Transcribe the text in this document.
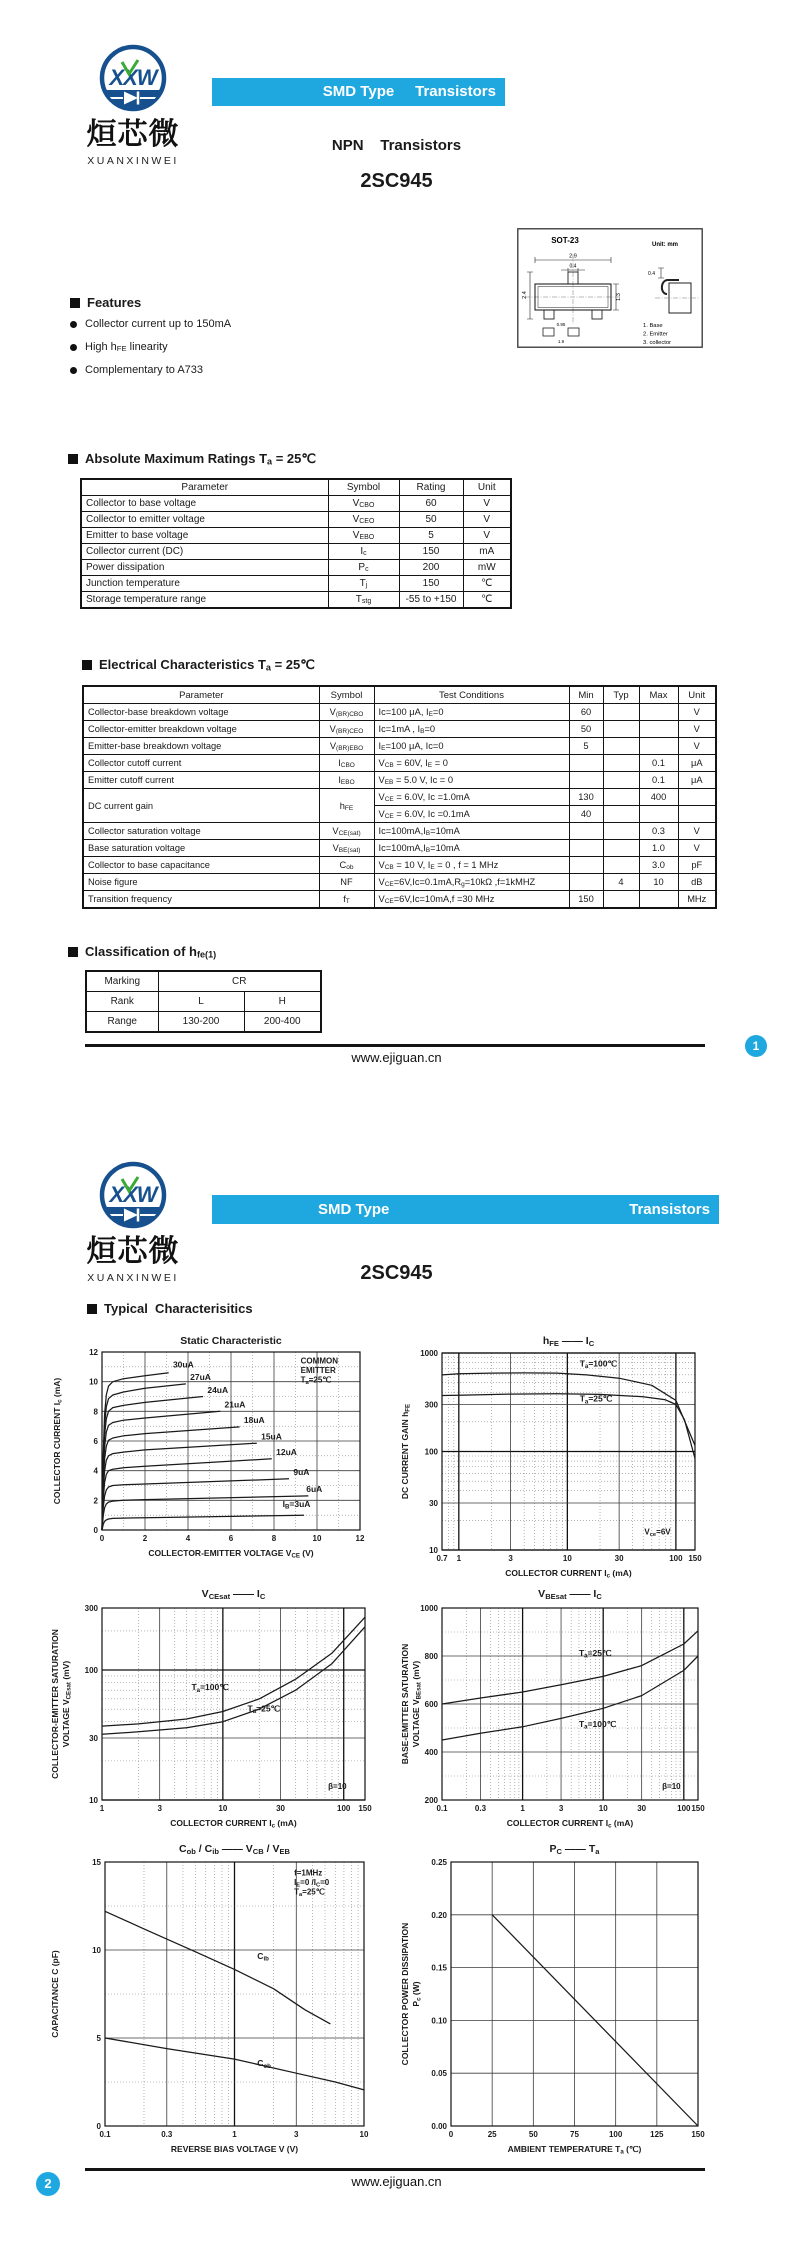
SMD Type	Transistors
NPN    Transistors
2SC945
SOT-23	Unit: mm
2.9
0.4
1.3
2.4
0.4
0.95
1.9
1. Base
2. Emitter
3. collector
Features
Collector current up to 150mA
High $h_{FE}$ linearity
Complementary to A733
Absolute Maximum Ratings $T_a$ = 25℃
Parameter	Symbol	Rating	Unit
Collector to base voltage	$V_{CBO}$	60	V
Collector to emitter voltage	$V_{CEO}$	50	V
Emitter to base voltage	$V_{EBO}$	5	V
Collector current (DC)	$I_c$	150	mA
Power dissipation	$P_c$	200	mW
Junction temperature	$T_j$	150	℃
Storage temperature range	$T_{stg}$	-55 to +150	℃
Electrical Characteristics $T_a$ = 25℃
Parameter	Symbol	Test Conditions	Min	Typ	Max	Unit
Collector-base breakdown voltage	$V_{(BR)CBO}$	Ic=100 μA, $I_E=0$	60			V
Collector-emitter breakdown voltage	$V_{(BR)CEO}$	Ic=1mA , $I_B=0$	50			V
Emitter-base breakdown voltage	$V_{(BR)EBO}$	$I_E=100$ μA, Ic=0	5			V
Collector cutoff current	$I_{CBO}$	$V_{CB} = 60V$, $I_E = 0$			0.1	μA
Emitter cutoff current	$I_{EBO}$	$V_{EB} = 5.0$ V, Ic = 0			0.1	μA
DC current gain	$h_{FE}$	$V_{CE} = 6.0V$, Ic =1.0mA	130		400	
		$V_{CE} = 6.0V$, Ic =0.1mA	40			
Collector saturation voltage	$V_{CE(sat)}$	$Ic=100mA,I_B=10mA$			0.3	V
Base saturation voltage	$V_{BE(sat)}$	$Ic=100mA,I_B=10mA$			1.0	V
Collector to base capacitance	$C_{ob}$	$V_{CB} = 10$ V, $I_E = 0$ , f = 1 MHz			3.0	pF
Noise figure	NF	$V_{CE}=6V,Ic=0.1mA,R_g=10k\Omega$ ,f=1kMHZ		4	10	dB
Transition frequency	$f_T$	$V_{CE}=6V,Ic=10mA,f =30$ MHz	150			MHz
Classification of $h_{fe(1)}$
Marking	CR	
Rank	L	H
Range	130-200	200-400
www.ejiguan.cn
1
SMD Type	Transistors
2SC945
Typical  Characterisitics
www.ejiguan.cn
2
XXW
烜芯微
XUANXINWEI
XXW
烜芯微
XUANXINWEI
Static Characteristic
0	2	4	6	8	10	12
0
2
4
6
8
10
12
30uA
27uA
24uA
21uA
18uA
15uA
12uA
9uA
6uA
$I_B=3uA$
COMMON
EMITTER
$T_a=25℃$
COLLECTOR-EMITTER VOLTAGE $V_{CE}$ (V)
COLLECTOR CURRENT $I_c$ (mA)
$h_{FE}$ —— $I_C$
0.7 1	3	10	30	100 150
10
30
100
300
1000
$T_a=100℃$
$T_a=25℃$
$V_{ce}=6V$
COLLECTOR CURRENT $I_c$ (mA)
DC CURRENT GAIN $h_{FE}$
$V_{CEsat}$ —— $I_C$
1	3	10	30	100 150
10
30
100
300
$T_a=100℃$
$T_a=25℃$
β=10
COLLECTOR CURRENT $I_c$ (mA)
COLLECTOR-EMITTER SATURATION VOLTAGE $V_{CEsat}$ (mV)
$V_{BEsat}$ —— $I_C$
0.1	0.3	1	3	10	30	100 150
200
400
600
800
1000
$T_a=25℃$
$T_a=100℃$
β=10
COLLECTOR CURRENT $I_c$ (mA)
BASE-EMITTER SATURATION VOLTAGE $V_{BEsat}$ (mV)
$C_{ob} / C_{ib}$ —— $V_{CB} / V_{EB}$
0.1	0.3	1	3	10
0
5
10
15
$C_{ib}$
$C_{ob}$
f=1MHz
$I_E=0$ $/I_C=0$
$T_a=25℃$
REVERSE BIAS VOLTAGE V (V)
CAPACITANCE C (pF)
$P_C$ —— $T_a$
0	25	50	75	100	125	150
0.00
0.05
0.10
0.15
0.20
0.25
AMBIENT TEMPERATURE $T_a$ (℃)
COLLECTOR POWER DISSIPATION $P_c$ (W)
